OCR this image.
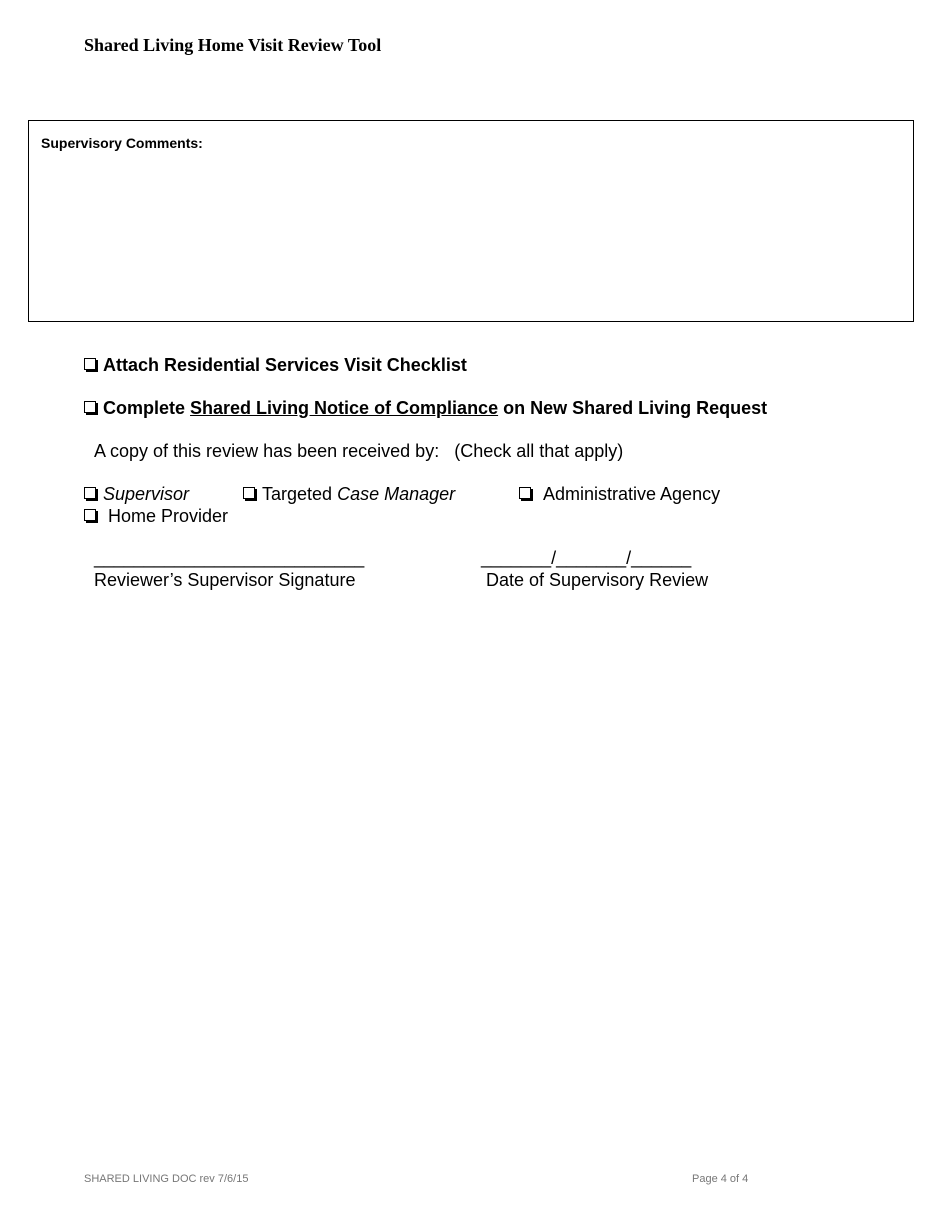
Shared Living Home Visit Review Tool
Supervisory Comments:
Attach Residential Services Visit Checklist
Complete Shared Living Notice of Compliance on New Shared Living Request
A copy of this review has been received by: (Check all that apply)
Supervisor	Targeted Case Manager	Administrative Agency
Home Provider
___________________________
Reviewer’s Supervisor Signature
_______/_______/______
Date of Supervisory Review
SHARED LIVING DOC rev 7/6/15	Page 4 of 4
